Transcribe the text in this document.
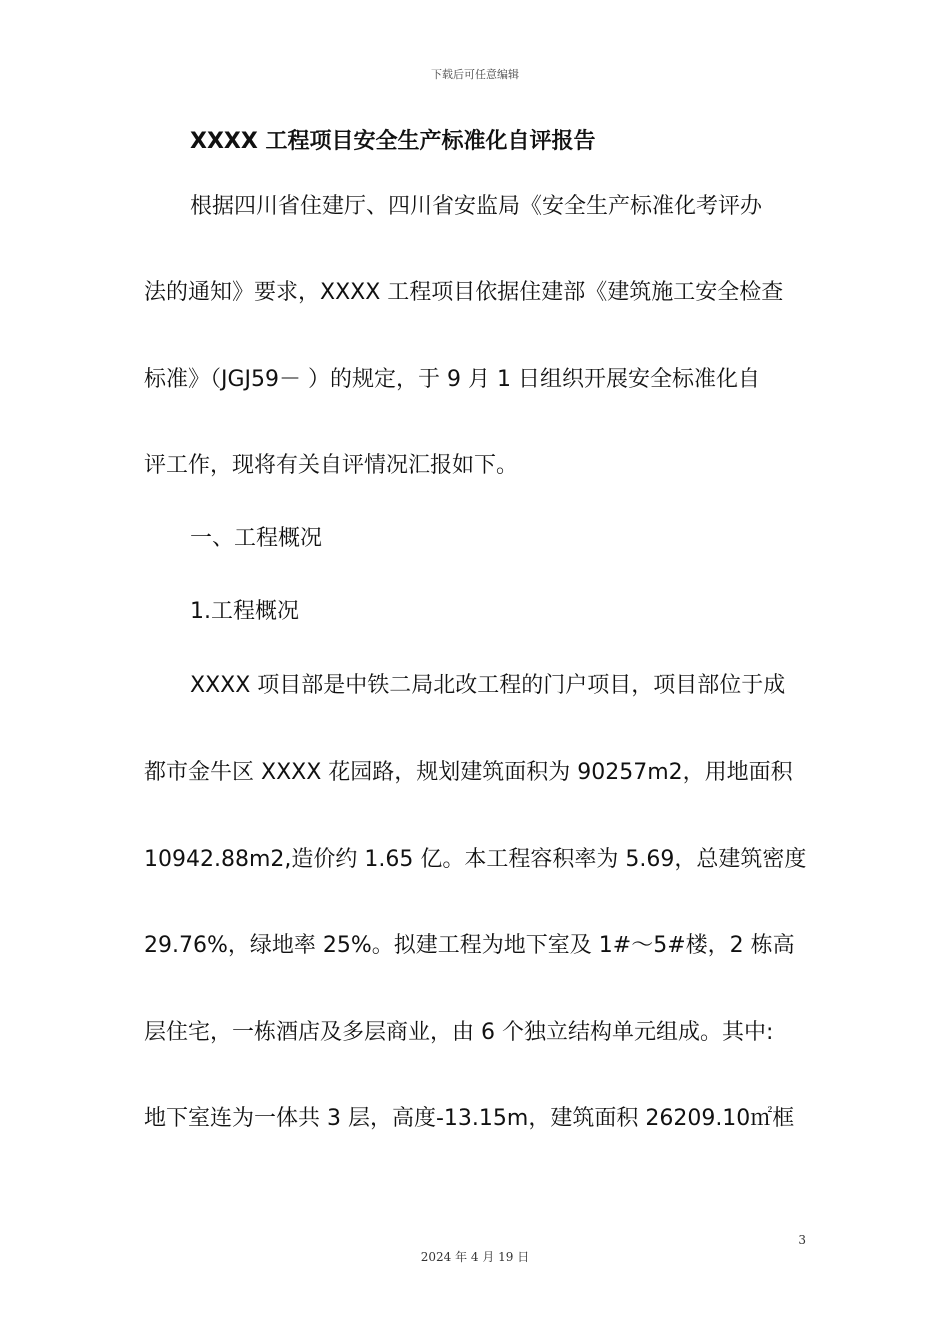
下载后可任意编辑
XXXX 工程项目安全生产标准化自评报告
根据四川省住建厅、四川省安监局《安全生产标准化考评办
法的通知》要求，XXXX 工程项目依据住建部《建筑施工安全检查
标准》（JGJ59－ ）的规定，于 9 月 1 日组织开展安全标准化自
评工作，现将有关自评情况汇报如下。
一、工程概况
1.工程概况
XXXX 项目部是中铁二局北改工程的门户项目，项目部位于成
都市金牛区 XXXX 花园路，规划建筑面积为 90257m2，用地面积
10942.88m2,造价约 1.65 亿。本工程容积率为 5.69，总建筑密度
29.76%，绿地率 25%。拟建工程为地下室及 1#～5#楼，2 栋高
层住宅，一栋酒店及多层商业，由 6 个独立结构单元组成。其中:
地下室连为一体共 3 层，高度-13.15m，建筑面积 26209.10㎡框
3
2024 年 4 月 19 日
